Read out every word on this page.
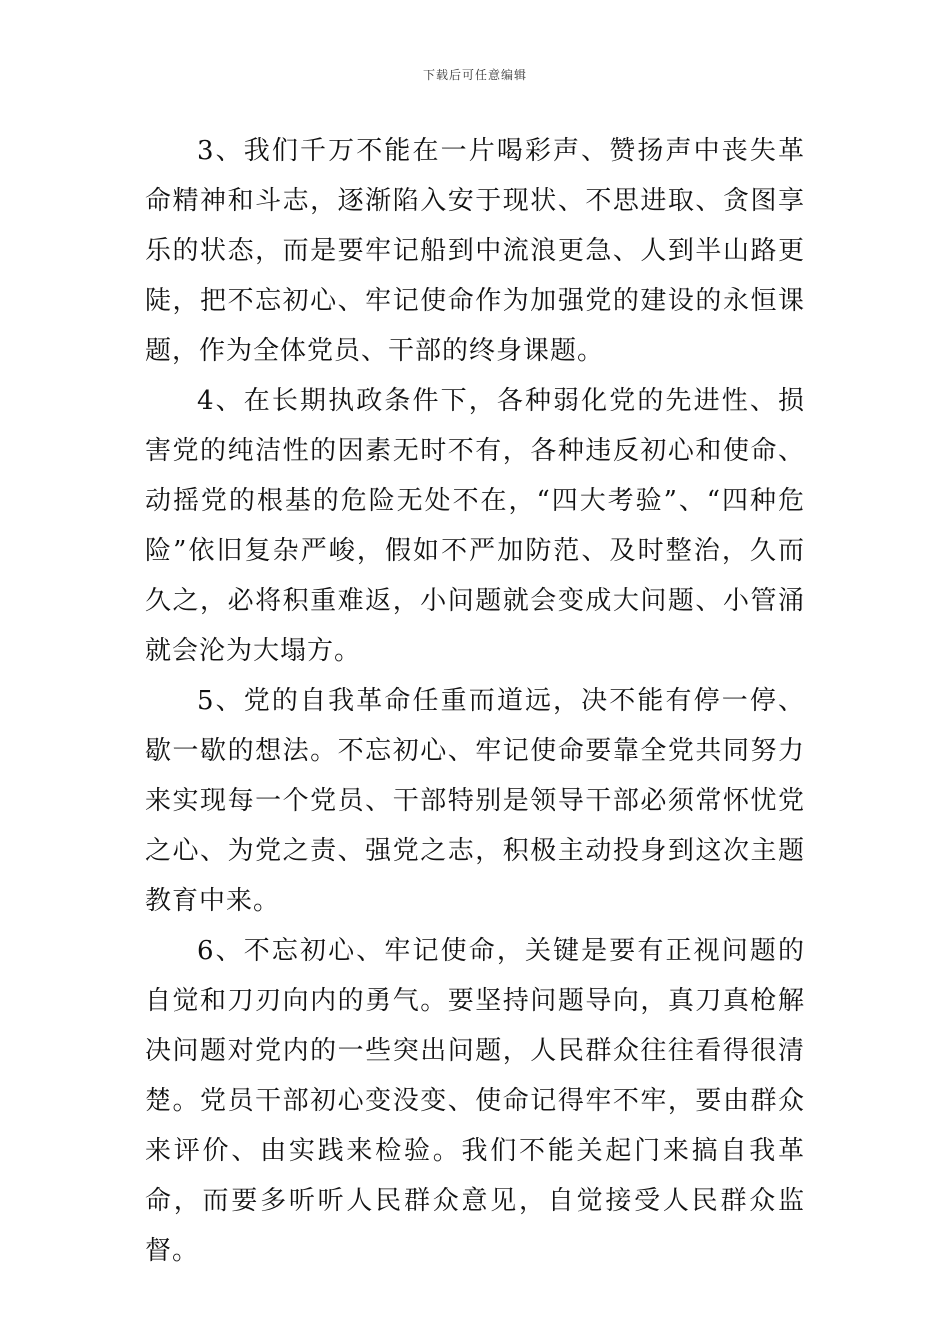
下载后可任意编辑

3、我们千万不能在一片喝彩声、赞扬声中丧失革命精神和斗志，逐渐陷入安于现状、不思进取、贪图享乐的状态，而是要牢记船到中流浪更急、人到半山路更陡，把不忘初心、牢记使命作为加强党的建设的永恒课题，作为全体党员、干部的终身课题。

4、在长期执政条件下，各种弱化党的先进性、损害党的纯洁性的因素无时不有，各种违反初心和使命、动摇党的根基的危险无处不在，“四大考验”、“四种危险”依旧复杂严峻，假如不严加防范、及时整治，久而久之，必将积重难返，小问题就会变成大问题、小管涌就会沦为大塌方。

5、党的自我革命任重而道远，决不能有停一停、歇一歇的想法。不忘初心、牢记使命要靠全党共同努力来实现每一个党员、干部特别是领导干部必须常怀忧党之心、为党之责、强党之志，积极主动投身到这次主题教育中来。

6、不忘初心、牢记使命，关键是要有正视问题的自觉和刀刃向内的勇气。要坚持问题导向，真刀真枪解决问题对党内的一些突出问题，人民群众往往看得很清楚。党员干部初心变没变、使命记得牢不牢，要由群众来评价、由实践来检验。我们不能关起门来搞自我革命，而要多听听人民群众意见，自觉接受人民群众监督。
